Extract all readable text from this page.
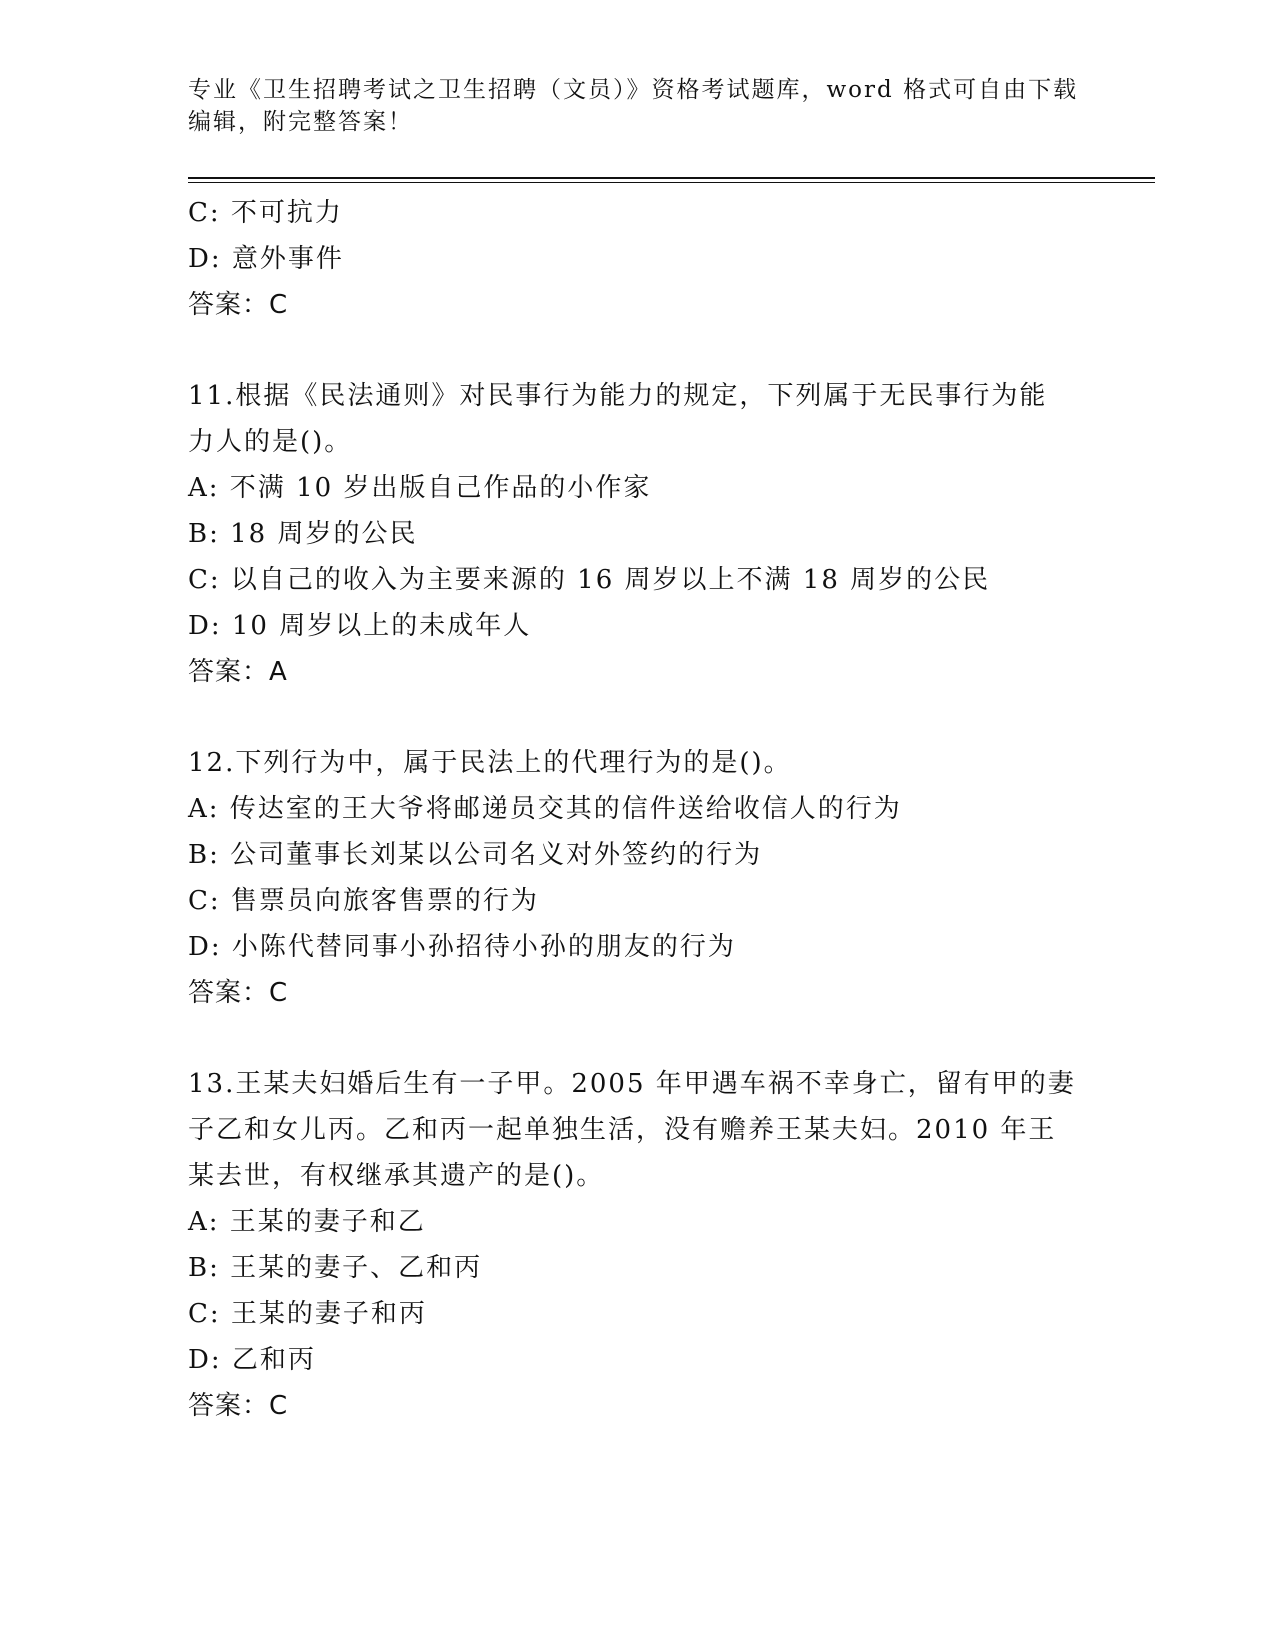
专业《卫生招聘考试之卫生招聘（文员）》资格考试题库，word 格式可自由下载
编辑，附完整答案！
C: 不可抗力
D: 意外事件
答案：C
11.根据《民法通则》对民事行为能力的规定，下列属于无民事行为能
力人的是()。
A: 不满 10 岁出版自己作品的小作家
B: 18 周岁的公民
C: 以自己的收入为主要来源的 16 周岁以上不满 18 周岁的公民
D: 10 周岁以上的未成年人
答案：A
12.下列行为中，属于民法上的代理行为的是()。
A: 传达室的王大爷将邮递员交其的信件送给收信人的行为
B: 公司董事长刘某以公司名义对外签约的行为
C: 售票员向旅客售票的行为
D: 小陈代替同事小孙招待小孙的朋友的行为
答案：C
13.王某夫妇婚后生有一子甲。2005 年甲遇车祸不幸身亡，留有甲的妻
子乙和女儿丙。乙和丙一起单独生活，没有赡养王某夫妇。2010 年王
某去世，有权继承其遗产的是()。
A: 王某的妻子和乙
B: 王某的妻子、乙和丙
C: 王某的妻子和丙
D: 乙和丙
答案：C
